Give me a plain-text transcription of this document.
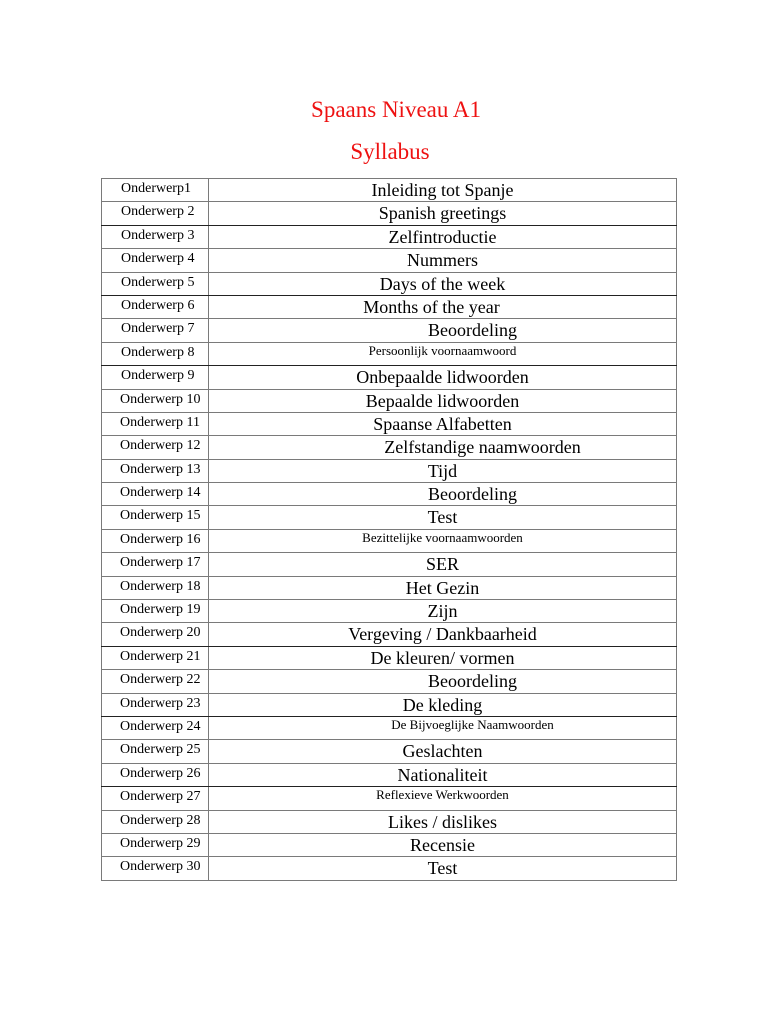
Spaans Niveau A1
Syllabus
Onderwerp1	Inleiding tot Spanje
Onderwerp 2	Spanish greetings
Onderwerp 3	Zelfintroductie
Onderwerp 4	Nummers
Onderwerp 5	Days of the week
Onderwerp 6	Months of the year
Onderwerp 7	Beoordeling
Onderwerp 8	Persoonlijk voornaamwoord
Onderwerp 9	Onbepaalde lidwoorden
Onderwerp 10	Bepaalde lidwoorden
Onderwerp 11	Spaanse Alfabetten
Onderwerp 12	Zelfstandige naamwoorden
Onderwerp 13	Tijd
Onderwerp 14	Beoordeling
Onderwerp 15	Test
Onderwerp 16	Bezittelijke voornaamwoorden
Onderwerp 17	SER
Onderwerp 18	Het Gezin
Onderwerp 19	Zijn
Onderwerp 20	Vergeving / Dankbaarheid
Onderwerp 21	De kleuren/ vormen
Onderwerp 22	Beoordeling
Onderwerp 23	De kleding
Onderwerp 24	De Bijvoeglijke Naamwoorden
Onderwerp 25	Geslachten
Onderwerp 26	Nationaliteit
Onderwerp 27	Reflexieve Werkwoorden
Onderwerp 28	Likes / dislikes
Onderwerp 29	Recensie
Onderwerp 30	Test
